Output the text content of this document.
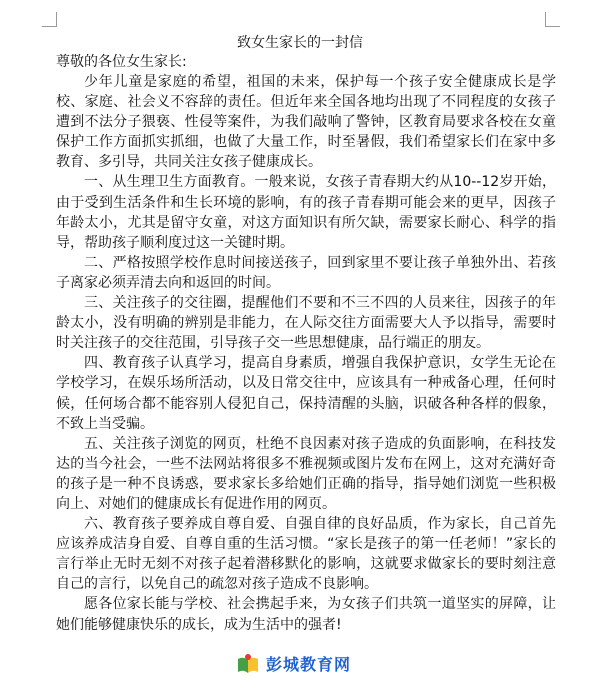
致女生家长的一封信
尊敬的各位女生家长:

少年儿童是家庭的希望，祖国的未来，保护每一个孩子安全健康成长是学校、家庭、社会义不容辞的责任。但近年来全国各地均出现了不同程度的女孩子遭到不法分子猥亵、性侵等案件，为我们敲响了警钟，区教育局要求各校在女童保护工作方面抓实抓细，也做了大量工作，时至暑假，我们希望家长们在家中多教育、多引导，共同关注女孩子健康成长。

一、从生理卫生方面教育。一般来说，女孩子青春期大约从10--12岁开始，由于受到生活条件和生长环境的影响，有的孩子青春期可能会来的更早，因孩子年龄太小，尤其是留守女童，对这方面知识有所欠缺，需要家长耐心、科学的指导，帮助孩子顺利度过这一关键时期。

二、严格按照学校作息时间接送孩子，回到家里不要让孩子单独外出、若孩子离家必须弄清去向和返回的时间。

三、关注孩子的交往圈，提醒他们不要和不三不四的人员来往，因孩子的年龄太小，没有明确的辨别是非能力，在人际交往方面需要大人予以指导，需要时时关注孩子的交往范围，引导孩子交一些思想健康，品行端正的朋友。

四、教育孩子认真学习，提高自身素质，增强自我保护意识，女学生无论在学校学习，在娱乐场所活动，以及日常交往中，应该具有一种戒备心理，任何时候，任何场合都不能容别人侵犯自己，保持清醒的头脑，识破各种各样的假象，不致上当受骗。

五、关注孩子浏览的网页，杜绝不良因素对孩子造成的负面影响，在科技发达的当今社会，一些不法网站将很多不雅视频或图片发布在网上，这对充满好奇的孩子是一种不良诱惑，要求家长多给她们正确的指导，指导她们浏览一些积极向上、对她们的健康成长有促进作用的网页。

六、教育孩子要养成自尊自爱、自强自律的良好品质，作为家长，自己首先应该养成洁身自爱、自尊自重的生活习惯。“家长是孩子的第一任老师！”家长的言行举止无时无刻不对孩子起着潜移默化的影响，这就要求做家长的要时刻注意自己的言行，以免自己的疏忽对孩子造成不良影响。

愿各位家长能与学校、社会携起手来，为女孩子们共筑一道坚实的屏障，让她们能够健康快乐的成长，成为生活中的强者!

彭城教育网
